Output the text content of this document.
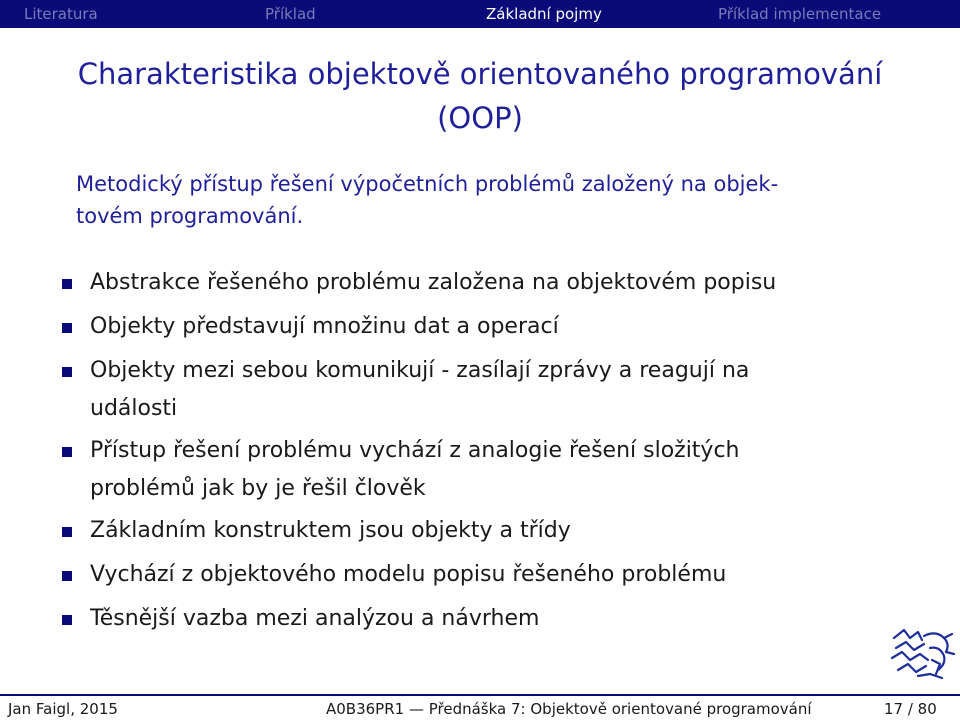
Literatura	Příklad	Základní pojmy	Příklad implementace
Charakteristika objektově orientovaného programování
(OOP)
Metodický přístup řešení výpočetních problémů založený na objek-
tovém programování.
Abstrakce řešeného problému založena na objektovém popisu
Objekty představují množinu dat a operací
Objekty mezi sebou komunikují - zasílají zprávy a reagují na
události
Přístup řešení problému vychází z analogie řešení složitých
problémů jak by je řešil člověk
Základním konstruktem jsou objekty a třídy
Vychází z objektového modelu popisu řešeného problému
Těsnější vazba mezi analýzou a návrhem
Jan Faigl, 2015	A0B36PR1 — Přednáška 7: Objektově orientované programování	17 / 80
